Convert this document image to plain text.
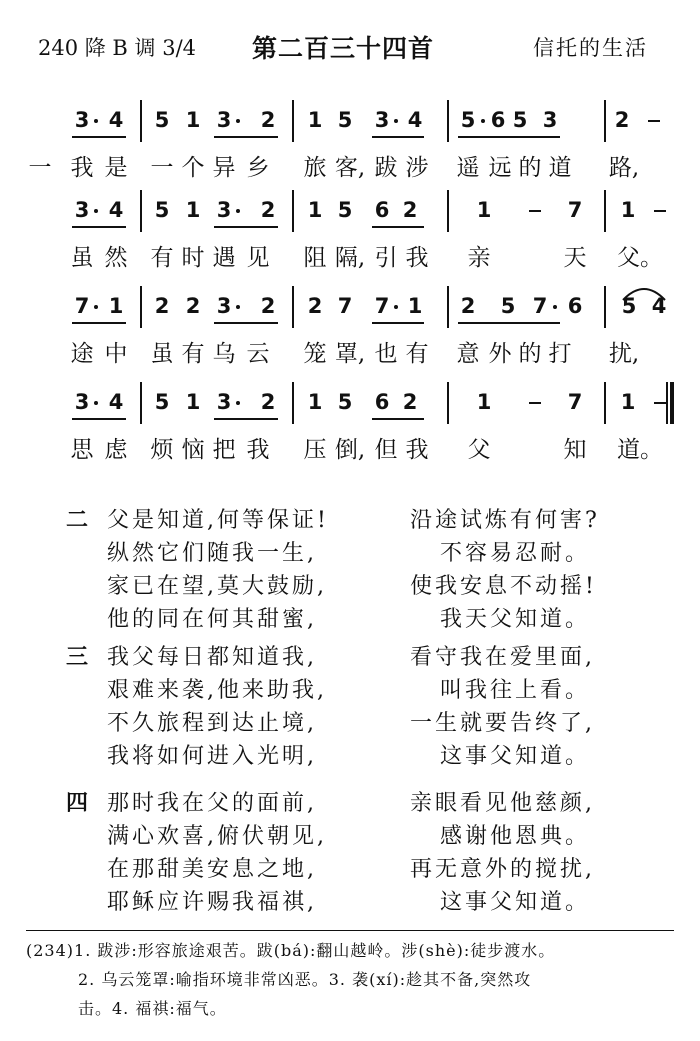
240 降 B 调 3/4 第二百三十四首	信托的生活
3 4 5 1 3 2 1 5 3 4 5 6 5 3	2
一 我 是 一 个 异 乡 旅 客, 跋 涉 遥 远 的 道 路,
3 4 5 1 3 2 1 5 6 2	1	7 1
虽 然 有 时 遇 见 阻 隔, 引 我 亲	天 父。
7 1 2 2 3 2 2 7 7 1 2 5 7 6 5 4
途 中 虽 有 乌 云 笼 罩, 也 有 意 外 的 打 扰,
3 4 5 1 3 2 1 5 6 2	1	7 1
思 虑 烦 恼 把 我 压 倒, 但 我 父	知 道。
二 父是知道,何等保证!	沿途试炼有何害?
纵然它们随我一生,	不容易忍耐。
家已在望,莫大鼓励,	使我安息不动摇!
他的同在何其甜蜜,	我天父知道。
三 我父每日都知道我,	看守我在爱里面,
艰难来袭,他来助我,	叫我往上看。
不久旅程到达止境,	一生就要告终了,
我将如何进入光明,	这事父知道。
四 那时我在父的面前,	亲眼看见他慈颜,
满心欢喜,俯伏朝见,	感谢他恩典。
在那甜美安息之地,	再无意外的搅扰,
耶稣应许赐我福祺,	这事父知道。
(234)1. 跋涉:形容旅途艰苦。跋(bá):翻山越岭。涉(shè):徒步渡水。
2. 乌云笼罩:喻指环境非常凶恶。3. 袭(xí):趁其不备,突然攻
击。4. 福祺:福气。
